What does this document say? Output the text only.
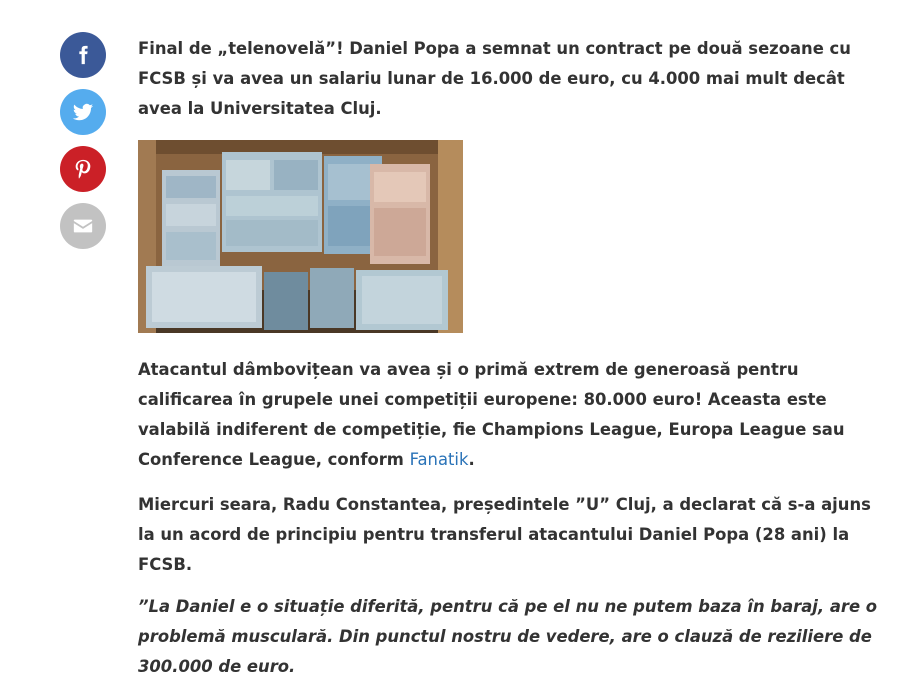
Final de „telenovelă”! Daniel Popa a semnat un contract pe două sezoane cu FCSB și va avea un salariu lunar de 16.000 de euro, cu 4.000 mai mult decât avea la Universitatea Cluj.

Atacantul dâmbovițean va avea și o primă extrem de generoasă pentru calificarea în grupele unei competiții europene: 80.000 euro! Aceasta este valabilă indiferent de competiție, fie Champions League, Europa League sau Conference League, conform Fanatik.

Miercuri seara, Radu Constantea, președintele ”U” Cluj, a declarat că s-a ajuns la un acord de principiu pentru transferul atacantului Daniel Popa (28 ani) la FCSB.

”La Daniel e o situație diferită, pentru că pe el nu ne putem baza în baraj, are o problemă musculară. Din punctul nostru de vedere, are o clauză de reziliere de 300.000 de euro.
